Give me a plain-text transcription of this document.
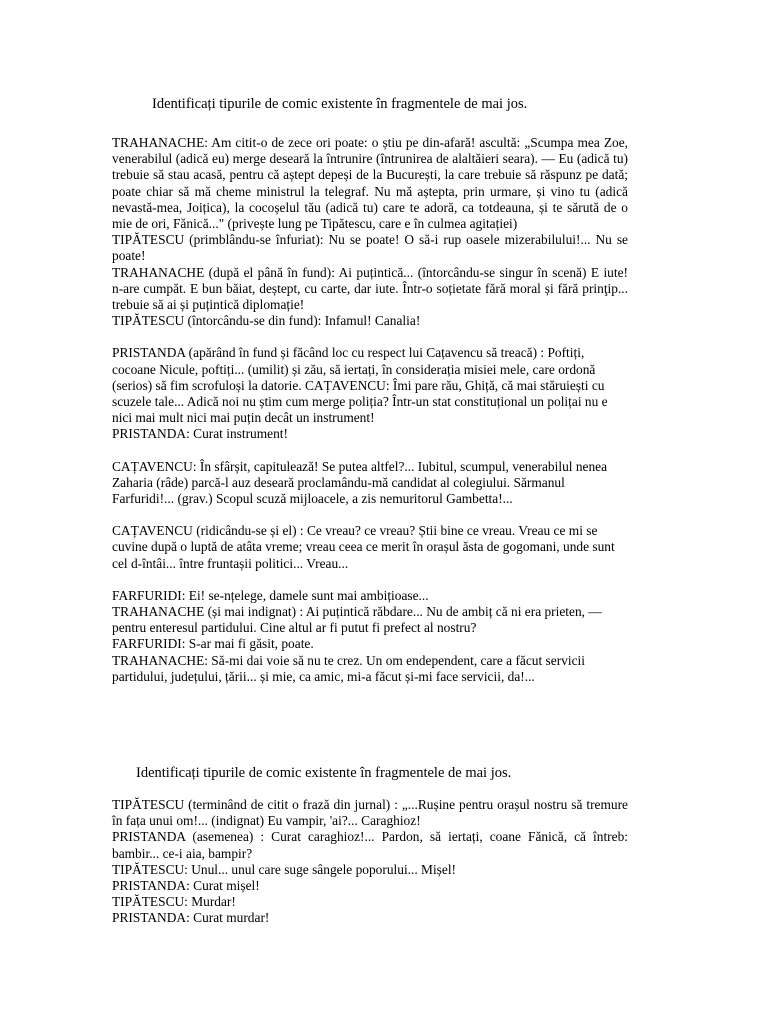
Identificați tipurile de comic existente în fragmentele de mai jos.

TRAHANACHE: Am citit-o de zece ori poate: o știu pe din-afară! ascultă: „Scumpa mea Zoe, venerabilul (adică eu) merge deseară la întrunire (întrunirea de alaltăieri seara). — Eu (adică tu) trebuie să stau acasă, pentru că aștept depeși de la București, la care trebuie să răspunz pe dată; poate chiar să mă cheme ministrul la telegraf. Nu mă aștepta, prin urmare, și vino tu (adică nevastă-mea, Joițica), la cocoșelul tău (adică tu) care te adoră, ca totdeauna, și te sărută de o mie de ori, Fănică..." (privește lung pe Tipătescu, care e în culmea agitației)

TIPĂTESCU (primblându-se înfuriat): Nu se poate! O să-i rup oasele mizerabilului!... Nu se poate!

TRAHANACHE (după el până în fund): Ai puțintică... (întorcându-se singur în scenă) E iute! n-are cumpăt. E bun băiat, deștept, cu carte, dar iute. Într-o soțietate fără moral și fără prinţip... trebuie să ai și puțintică diplomație!

TIPĂTESCU (întorcându-se din fund): Infamul! Canalia!

PRISTANDA (apărând în fund și făcând loc cu respect lui Cațavencu să treacă) : Poftiți, cocoane Nicule, poftiți... (umilit) și zău, să iertați, în considerația misiei mele, care ordonă (serios) să fim scrofuloși la datorie. CAȚAVENCU: Îmi pare rău, Ghiță, că mai stăruiești cu scuzele tale... Adică noi nu știm cum merge poliția? Într-un stat constituțional un polițai nu e nici mai mult nici mai puțin decât un instrument!

PRISTANDA: Curat instrument!

CAȚAVENCU: În sfârșit, capitulează! Se putea altfel?... Iubitul, scumpul, venerabilul nenea Zaharia (râde) parcă-l auz deseară proclamându-mă candidat al colegiului. Sărmanul Farfuridi!... (grav.) Scopul scuză mijloacele, a zis nemuritorul Gambetta!...

CAȚAVENCU (ridicându-se și el) : Ce vreau? ce vreau? Știi bine ce vreau. Vreau ce mi se cuvine după o luptă de atâta vreme; vreau ceea ce merit în orașul ăsta de gogomani, unde sunt cel d-întâi... între fruntașii politici... Vreau...

FARFURIDI: Ei! se-nțelege, damele sunt mai ambițioase...

TRAHANACHE (și mai indignat) : Ai puțintică răbdare... Nu de ambiț că ni era prieten, — pentru enteresul partidului. Cine altul ar fi putut fi prefect al nostru?

FARFURIDI: S-ar mai fi găsit, poate.

TRAHANACHE: Să-mi dai voie să nu te crez. Un om endependent, care a făcut servicii partidului, județului, țării... și mie, ca amic, mi-a făcut și-mi face servicii, da!...

Identificați tipurile de comic existente în fragmentele de mai jos.

TIPĂTESCU (terminând de citit o frază din jurnal) : „...Rușine pentru orașul nostru să tremure în fața unui om!... (indignat) Eu vampir, 'ai?... Caraghioz!

PRISTANDA (asemenea) : Curat caraghioz!... Pardon, să iertați, coane Fănică, că întreb: bambir... ce-i aia, bampir?

TIPĂTESCU: Unul... unul care suge sângele poporului... Mișel!

PRISTANDA: Curat mișel!

TIPĂTESCU: Murdar!

PRISTANDA: Curat murdar!
